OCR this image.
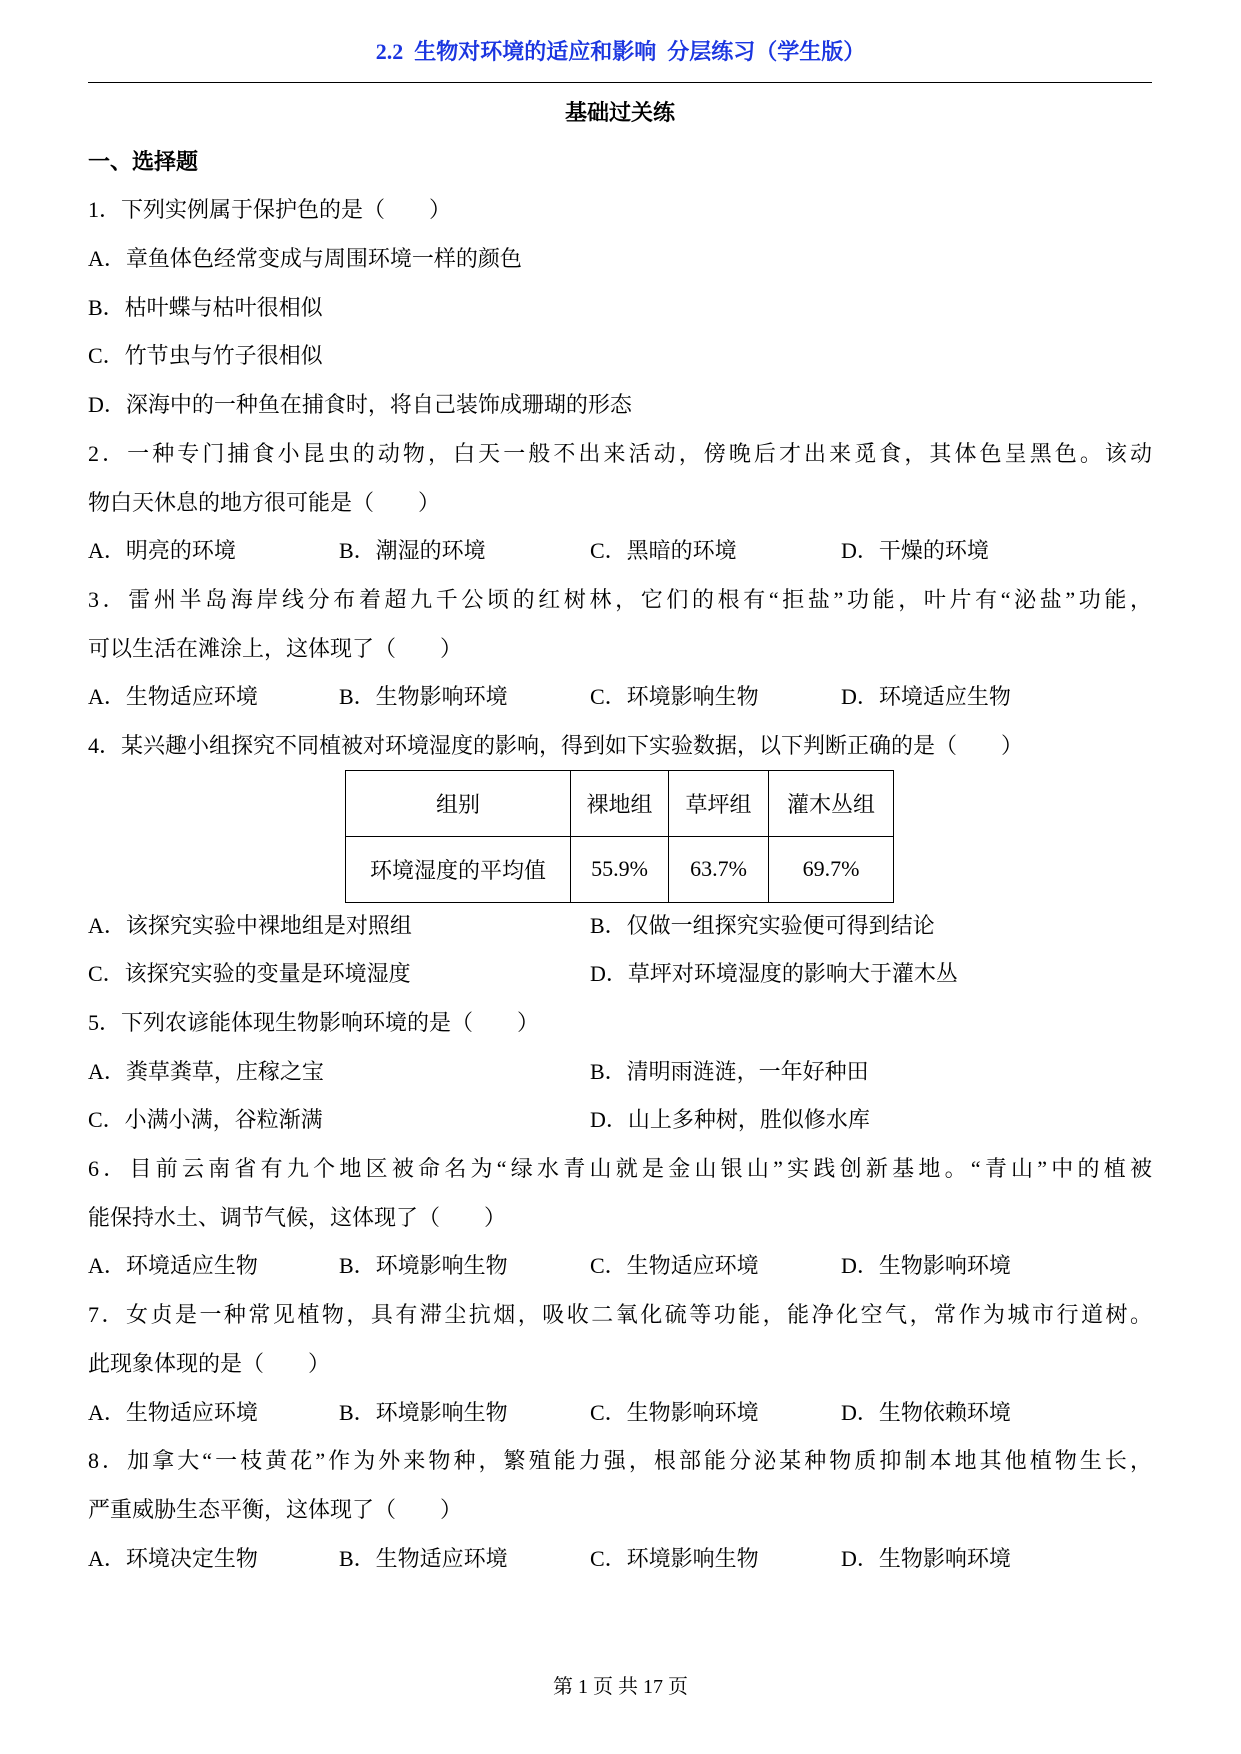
2.2  生物对环境的适应和影响  分层练习（学生版）
基础过关练
一、选择题
1．下列实例属于保护色的是（　　）
A．章鱼体色经常变成与周围环境一样的颜色
B．枯叶蝶与枯叶很相似
C．竹节虫与竹子很相似
D．深海中的一种鱼在捕食时，将自己装饰成珊瑚的形态
2．一种专门捕食小昆虫的动物，白天一般不出来活动，傍晚后才出来觅食，其体色呈黑色。该动
物白天休息的地方很可能是（　　）
A．明亮的环境	B．潮湿的环境	C．黑暗的环境	D．干燥的环境
3．雷州半岛海岸线分布着超九千公顷的红树林，它们的根有“拒盐”功能，叶片有“泌盐”功能，
可以生活在滩涂上，这体现了（　　）
A．生物适应环境	B．生物影响环境	C．环境影响生物	D．环境适应生物
4．某兴趣小组探究不同植被对环境湿度的影响，得到如下实验数据，以下判断正确的是（　　）
组别	裸地组	草坪组	灌木丛组
环境湿度的平均值	55.9%	63.7%	69.7%
A．该探究实验中裸地组是对照组	B．仅做一组探究实验便可得到结论
C．该探究实验的变量是环境湿度	D．草坪对环境湿度的影响大于灌木丛
5．下列农谚能体现生物影响环境的是（　　）
A．粪草粪草，庄稼之宝	B．清明雨涟涟，一年好种田
C．小满小满，谷粒渐满	D．山上多种树，胜似修水库
6．目前云南省有九个地区被命名为“绿水青山就是金山银山”实践创新基地。“青山”中的植被
能保持水土、调节气候，这体现了（　　）
A．环境适应生物	B．环境影响生物	C．生物适应环境	D．生物影响环境
7．女贞是一种常见植物，具有滞尘抗烟，吸收二氧化硫等功能，能净化空气，常作为城市行道树。
此现象体现的是（　　）
A．生物适应环境	B．环境影响生物	C．生物影响环境	D．生物依赖环境
8．加拿大“一枝黄花”作为外来物种，繁殖能力强，根部能分泌某种物质抑制本地其他植物生长，
严重威胁生态平衡，这体现了（　　）
A．环境决定生物	B．生物适应环境	C．环境影响生物	D．生物影响环境
第 1 页 共 17 页
